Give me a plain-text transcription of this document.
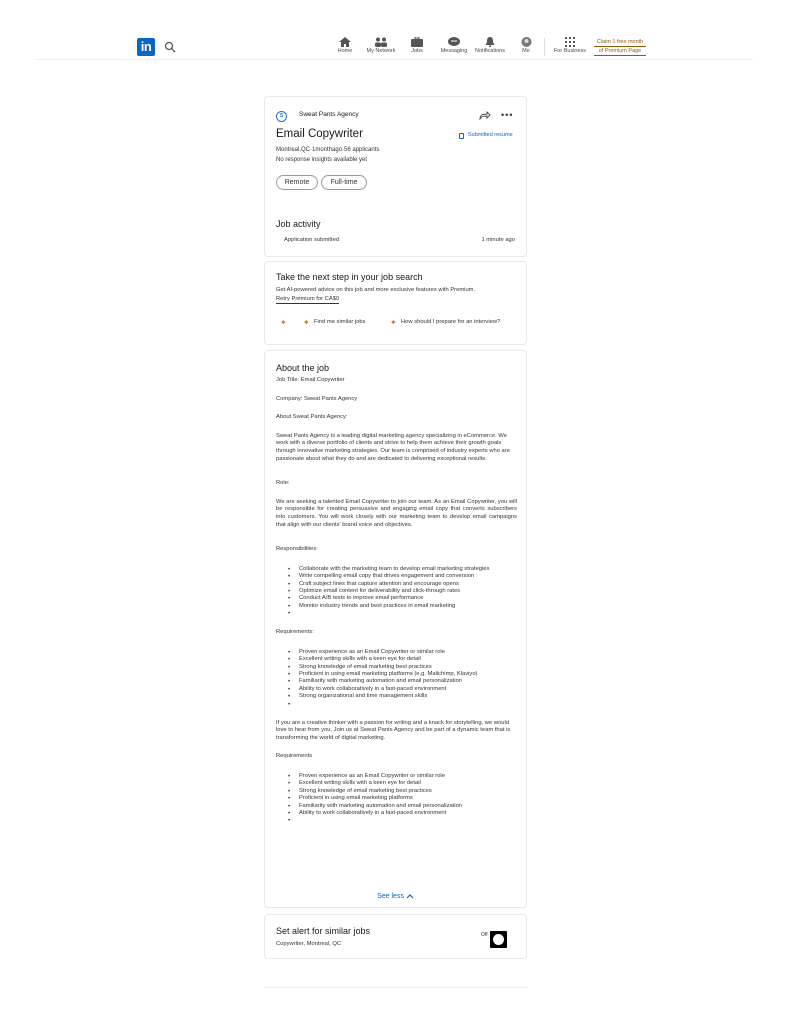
in	Home	My Network	Jobs	Messaging	Notifications	Me	For Business
Claim 1 free month
of Premium Page
S	Sweat Pants Agency	•••
Email Copywriter	Submitted resume
Montreal,QC·1monthago·56 applicants
No response insights available yet
Remote	Full-time
Job activity
Application submitted	1 minute ago
Take the next step in your job search
Get AI-powered advice on this job and more exclusive features with Premium.
Retry Premium for CA$0
✦ ✦ Find me similar jobs	✦ How should I prepare for an interview?
About the job

Job Title: Email Copywriter

Company: Sweat Pants Agency

About Sweat Pants Agency:

Sweat Pants Agency is a leading digital marketing agency specializing in eCommerce. We work with a diverse portfolio of clients and strive to help them achieve their growth goals through innovative marketing strategies. Our team is comprised of industry experts who are passionate about what they do and are dedicated to delivering exceptional results.

Role:

We are seeking a talented Email Copywriter to join our team. As an Email Copywriter, you will be responsible for creating persuasive and engaging email copy that converts subscribers into customers. You will work closely with our marketing team to develop email campaigns that align with our clients' brand voice and objectives.

Responsibilities:

• Collaborate with the marketing team to develop email marketing strategies
• Write compelling email copy that drives engagement and conversion
• Craft subject lines that capture attention and encourage opens
• Optimize email content for deliverability and click-through rates
• Conduct A/B tests to improve email performance
• Monitor industry trends and best practices in email marketing
•

Requirements:

• Proven experience as an Email Copywriter or similar role
• Excellent writing skills with a keen eye for detail
• Strong knowledge of email marketing best practices
• Proficient in using email marketing platforms (e.g. Mailchimp, Klaviyo)
• Familiarity with marketing automation and email personalization
• Ability to work collaboratively in a fast-paced environment
• Strong organizational and time management skills
•

If you are a creative thinker with a passion for writing and a knack for storytelling, we would love to hear from you. Join us at Sweat Pants Agency and be part of a dynamic team that is transforming the world of digital marketing.

Requirements

• Proven experience as an Email Copywriter or similar role
• Excellent writing skills with a keen eye for detail
• Strong knowledge of email marketing best practices
• Proficient in using email marketing platforms
• Familiarity with marketing automation and email personalization
• Ability to work collaboratively in a fast-paced environment
•
See less
Set alert for similar jobs
Copywriter, Montreal, QC
Off
